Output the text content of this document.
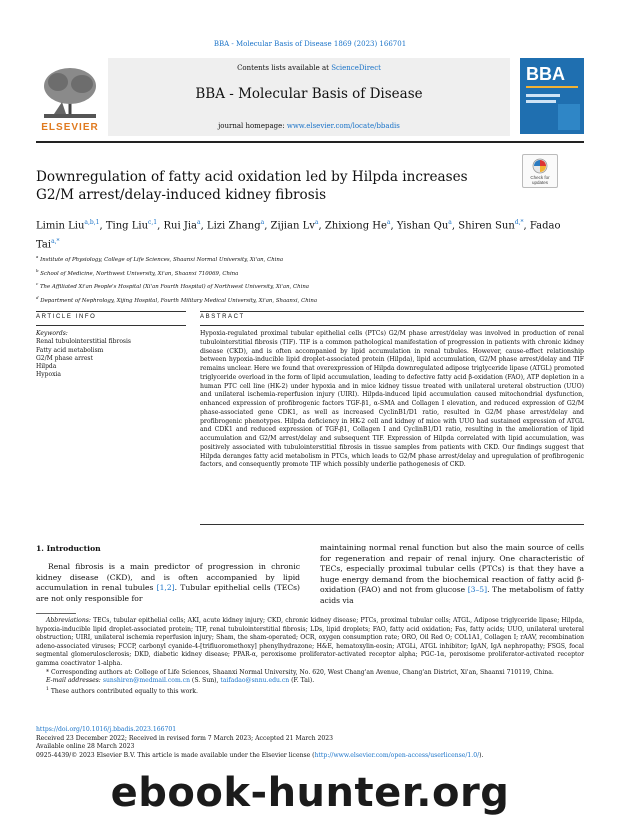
BBA - Molecular Basis of Disease 1869 (2023) 166701
ELSEVIER
Contents lists available at ScienceDirect
BBA - Molecular Basis of Disease
journal homepage: www.elsevier.com/locate/bbadis
BBA
Downregulation of fatty acid oxidation led by Hilpda increases G2/M arrest/delay-induced kidney fibrosis
Check for updates
Limin Liu$^{a,b,1}$, Ting Liu$^{c,1}$, Rui Jia$^a$, Lizi Zhang$^a$, Zijian Lv$^a$, Zhixiong He$^a$, Yishan Qu$^a$, Shiren Sun$^{d,*}$, Fadao Tai$^{a,*}$
$^a$ Institute of Physiology, College of Life Sciences, Shaanxi Normal University, Xi'an, China
$^b$ School of Medicine, Northwest University, Xi'an, Shaanxi 710069, China
$^c$ The Affiliated Xi'an People's Hospital (Xi'an Fourth Hospital) of Northwest University, Xi'an, China
$^d$ Department of Nephrology, Xijing Hospital, Fourth Military Medical University, Xi'an, Shaanxi, China
ARTICLE INFO	ABSTRACT
Keywords:
Renal tubulointerstitial fibrosis
Fatty acid metabolism
G2/M phase arrest
Hilpda
Hypoxia
Hypoxia-regulated proximal tubular epithelial cells (PTCs) G2/M phase arrest/delay was involved in production of renal tubulointerstitial fibrosis (TIF). TIF is a common pathological manifestation of progression in patients with chronic kidney disease (CKD), and is often accompanied by lipid accumulation in renal tubules. However, cause-effect relationship between hypoxia-inducible lipid droplet-associated protein (Hilpda), lipid accumulation, G2/M phase arrest/delay and TIF remains unclear. Here we found that overexpression of Hilpda downregulated adipose triglyceride lipase (ATGL) promoted triglyceride overload in the form of lipid accumulation, leading to defective fatty acid β-oxidation (FAO), ATP depletion in a human PTC cell line (HK-2) under hypoxia and in mice kidney tissue treated with unilateral ureteral obstruction (UUO) and unilateral ischemia-reperfusion injury (UIRI). Hilpda-induced lipid accumulation caused mitochondrial dysfunction, enhanced expression of profibrogenic factors TGF-β1, α-SMA and Collagen I elevation, and reduced expression of G2/M phase-associated gene CDK1, as well as increased CyclinB1/D1 ratio, resulted in G2/M phase arrest/delay and profibrogenic phenotypes. Hilpda deficiency in HK-2 cell and kidney of mice with UUO had sustained expression of ATGL and CDK1 and reduced expression of TGF-β1, Collagen I and CyclinB1/D1 ratio, resulting in the amelioration of lipid accumulation and G2/M arrest/delay and subsequent TIF. Expression of Hilpda correlated with lipid accumulation, was positively associated with tubulointerstitial fibrosis in tissue samples from patients with CKD. Our findings suggest that Hilpda deranges fatty acid metabolism in PTCs, which leads to G2/M phase arrest/delay and upregulation of profibrogenic factors, and consequently promote TIF which possibly underlie pathogenesis of CKD.
1. Introduction
Renal fibrosis is a main predictor of progression in chronic kidney disease (CKD), and is often accompanied by lipid accumulation in renal tubules [1,2]. Tubular epithelial cells (TECs) are not only responsible for
maintaining normal renal function but also the main source of cells for regeneration and repair of renal injury. One characteristic of TECs, especially proximal tubular cells (PTCs) is that they have a huge energy demand from the biochemical reaction of fatty acid β-oxidation (FAO) and not from glucose [3–5]. The metabolism of fatty acids via
Abbreviations: TECs, tubular epithelial cells; AKI, acute kidney injury; CKD, chronic kidney disease; PTCs, proximal tubular cells; ATGL, Adipose triglyceride lipase; Hilpda, hypoxia-inducible lipid droplet-associated protein; TIF, renal tubulointerstitial fibrosis; LDs, lipid droplets; FAO, fatty acid oxidation; Fas, fatty acids; UUO, unilateral ureteral obstruction; UIRI, unilateral ischemia reperfusion injury; Sham, the sham-operated; OCR, oxygen consumption rate; ORO, Oil Red O; COL1A1, Collagen I; rAAV, recombination adeno-associated viruses; FCCP, carbonyl cyanide-4-[trifluoromethoxy] phenylhydrazone; H&E, hematoxylin-eosin; ATGLi, ATGL inhibitor; IgAN, IgA nephropathy; FSGS, focal segmental glomerulosclerosis; DKD, diabetic kidney disease; PPAR-α, peroxisome proliferator-activated receptor alpha; PGC-1α, peroxisome proliferator-activated receptor gamma coactivator 1-alpha.
* Corresponding authors at: College of Life Sciences, Shaanxi Normal University, No. 620, West Chang'an Avenue, Chang'an District, Xi'an, Shaanxi 710119, China.
E-mail addresses: sunshiren@medmail.com.cn (S. Sun), taifadao@snnu.edu.cn (F. Tai).
$^1$ These authors contributed equally to this work.
https://doi.org/10.1016/j.bbadis.2023.166701
Received 23 December 2022; Received in revised form 7 March 2023; Accepted 21 March 2023
Available online 28 March 2023
0925-4439/© 2023 Elsevier B.V. This article is made available under the Elsevier license (http://www.elsevier.com/open-access/userlicense/1.0/).
ebook-hunter.org
